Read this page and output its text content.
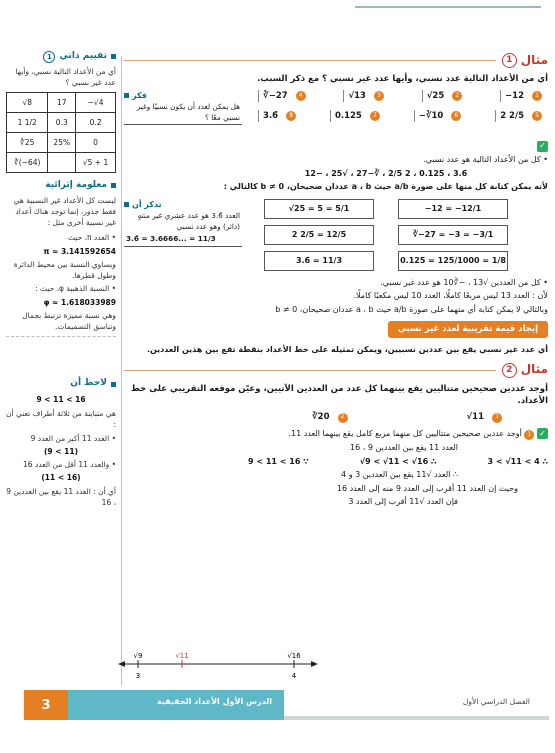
تقييم ذاتي
1
أي من الأعداد التالية نسبي، وأيها عدد غير نسبي ؟
√8	17	−√4
1 1/2	0.3	0.2̄
∛25	25%	0
∛(−64)		√5 + 1
معلومة إثرائية
ليست كل الأعداد غير النسبية هي فقط جذور، إنما توجد هناك أعداد غير نسبية أخرى مثل :
• العدد π، حيث
π ≈ 3.141592654
ويساوي النسبة بين محيط الدائرة وطول قطرها.
• النسبة الذهبية φ، حيث :
φ ≈ 1.618033989
وهي نسبة مميزة ترتبط بجمال وتناسق التصميمات.
لاحظ أن
9 < 11 < 16
هي متباينة من ثلاثة أطراف تعني أن :
• العدد 11 أكبر من العدد 9
(9 < 11)
• والعدد 11 أقل من العدد 16
(11 < 16)
أي أن : العدد 11 يقع بين العددين 9 ، 16
مثال
1
أي من الأعداد التالية عدد نسبي، وأيها عدد غير نسبي ؟ مع ذكر السبب.
1
−12
2
√25
3
√13
4
∛−27
5
2 2/5
6
−∛10
7
0.125
8
3.6̄
فكر
هل يمكن لعدد أن يكون نسبيًا وغير نسبي معًا ؟
✓
• كل من الأعداد التالية هو عدد نسبي.
3.6̄ ، 0.125 ، 2 2/5 ، ∛−27 ، √25 ، −12
لأنه يمكن كتابة كل منها على صورة a/b حيث a ، b عددان صحيحان، b ≠ 0 كالتالي :
√25 = 5 = 5/1	−12 = −12/1
2 2/5 = 12/5	∛−27 = −3 = −3/1
3.6̄ = 11/3	0.125 = 125/1000 = 1/8
تذكر أن
العدد 3.6̄ هو عدد عشري غير منتهٍ (دائر) وهو عدد نسبي
3.6̄ = 3.6666... = 11/3
• كل من العددين √13 ، −∛10 هو عدد غير نسبي.
لأن : العدد 13 ليس مربعًا كاملًا، العدد 10 ليس مكعبًا كاملًا.
وبالتالي لا يمكن كتابة أي منهما على صورة a/b حيث a ، b عددان صحيحان، b ≠ 0
إيجاد قيمة تقريبية لعدد غير نسبي
أي عدد غير نسبي يقع بين عددين نسبيين، ويمكن تمثيله على خط الأعداد بنقطة تقع بين هذين العددين.
مثال
2
أوجد عددين صحيحين متتاليين يقع بينهما كل عدد من العددين الآتيين، وعيّن موقعه التقريبي على خط الأعداد.
1
√11
2
∛20
✓ 1 أوجد عددين صحيحين متتاليين كل منهما مربع كامل يقع بينهما العدد 11.
العدد 11 يقع بين العددين 9 ، 16
3 < √11 < 4 ∴
√9 < √11 < √16 ∴
9 < 11 < 16 ∵
∴ العدد √11 يقع بين العددين 3 و 4
وحيث إن العدد 11 أقرب إلى العدد 9 منه إلى العدد 16
فإن العدد √11 أقرب إلى العدد 3
√9	√11	√16
3	4
3	الدرس الأول الأعداد الحقيقية	الفصل الدراسي الأول
